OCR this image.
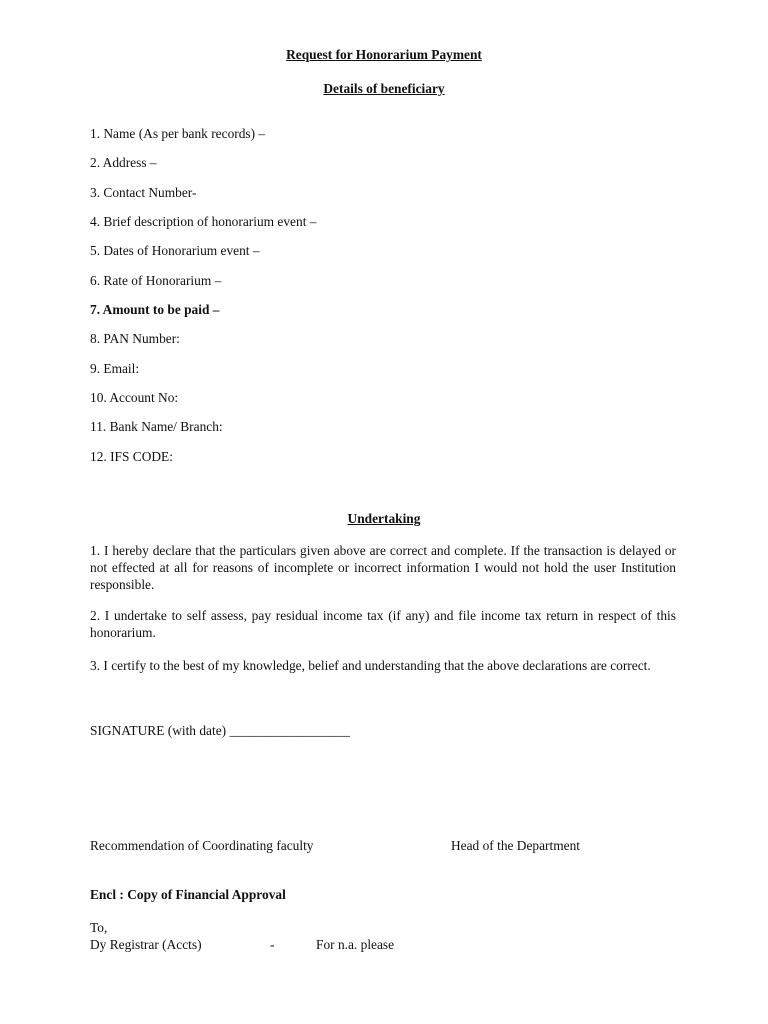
Request for Honorarium Payment

Details of beneficiary

1. Name (As per bank records) –

2. Address –

3. Contact Number-

4. Brief description of honorarium event –

5. Dates of Honorarium event –

6. Rate of Honorarium –

7. Amount to be paid –

8. PAN Number:

9. Email:

10. Account No:

11. Bank Name/ Branch:

12. IFS CODE:

Undertaking

1. I hereby declare that the particulars given above are correct and complete. If the transaction is delayed or not effected at all for reasons of incomplete or incorrect information I would not hold the user Institution responsible.

2. I undertake to self assess, pay residual income tax (if any) and file income tax return in respect of this honorarium.

3. I certify to the best of my knowledge, belief and understanding that the above declarations are correct.

SIGNATURE (with date) __________________

Recommendation of Coordinating faculty	Head of the Department

Encl : Copy of Financial Approval

To,

Dy Registrar (Accts)	-	For n.a. please
